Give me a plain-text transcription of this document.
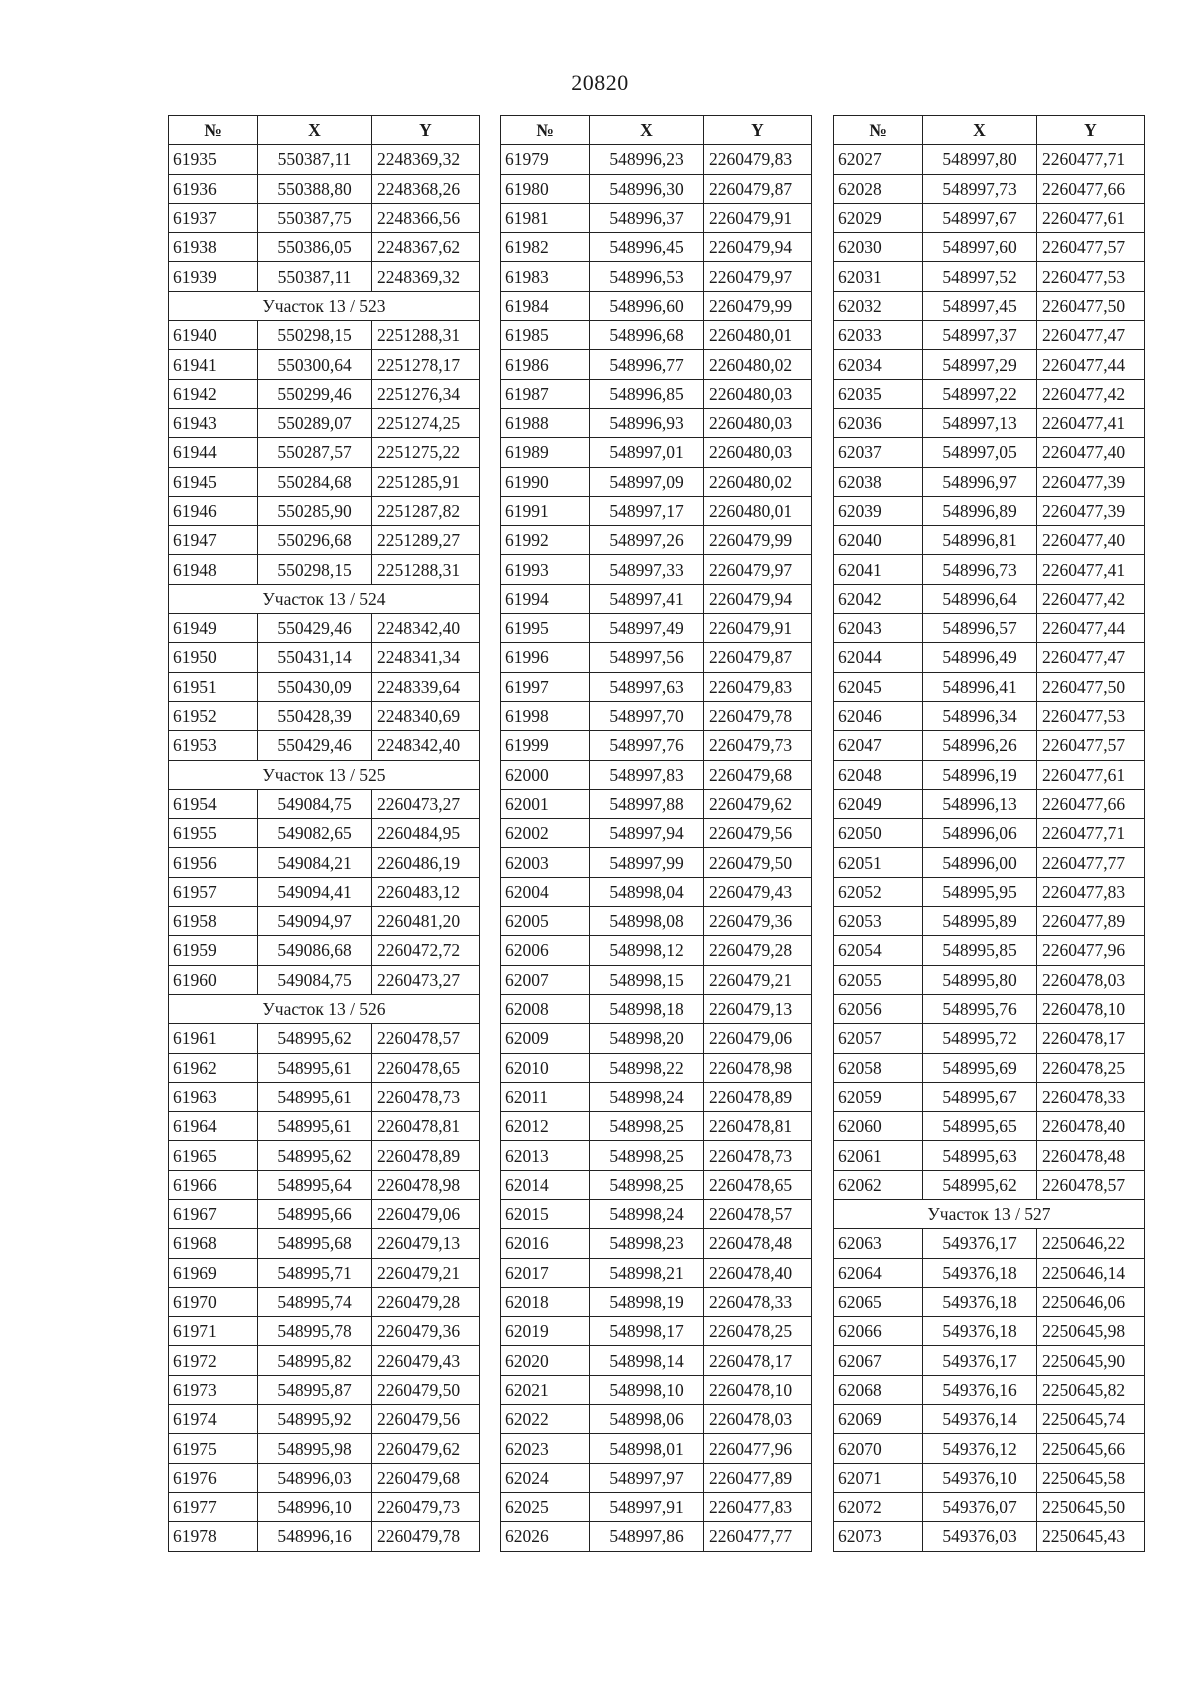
20820
№	X	Y
61935	550387,11	2248369,32
61936	550388,80	2248368,26
61937	550387,75	2248366,56
61938	550386,05	2248367,62
61939	550387,11	2248369,32
Участок 13 / 523		
61940	550298,15	2251288,31
61941	550300,64	2251278,17
61942	550299,46	2251276,34
61943	550289,07	2251274,25
61944	550287,57	2251275,22
61945	550284,68	2251285,91
61946	550285,90	2251287,82
61947	550296,68	2251289,27
61948	550298,15	2251288,31
Участок 13 / 524		
61949	550429,46	2248342,40
61950	550431,14	2248341,34
61951	550430,09	2248339,64
61952	550428,39	2248340,69
61953	550429,46	2248342,40
Участок 13 / 525		
61954	549084,75	2260473,27
61955	549082,65	2260484,95
61956	549084,21	2260486,19
61957	549094,41	2260483,12
61958	549094,97	2260481,20
61959	549086,68	2260472,72
61960	549084,75	2260473,27
Участок 13 / 526		
61961	548995,62	2260478,57
61962	548995,61	2260478,65
61963	548995,61	2260478,73
61964	548995,61	2260478,81
61965	548995,62	2260478,89
61966	548995,64	2260478,98
61967	548995,66	2260479,06
61968	548995,68	2260479,13
61969	548995,71	2260479,21
61970	548995,74	2260479,28
61971	548995,78	2260479,36
61972	548995,82	2260479,43
61973	548995,87	2260479,50
61974	548995,92	2260479,56
61975	548995,98	2260479,62
61976	548996,03	2260479,68
61977	548996,10	2260479,73
61978	548996,16	2260479,78
№	X	Y
61979	548996,23	2260479,83
61980	548996,30	2260479,87
61981	548996,37	2260479,91
61982	548996,45	2260479,94
61983	548996,53	2260479,97
61984	548996,60	2260479,99
61985	548996,68	2260480,01
61986	548996,77	2260480,02
61987	548996,85	2260480,03
61988	548996,93	2260480,03
61989	548997,01	2260480,03
61990	548997,09	2260480,02
61991	548997,17	2260480,01
61992	548997,26	2260479,99
61993	548997,33	2260479,97
61994	548997,41	2260479,94
61995	548997,49	2260479,91
61996	548997,56	2260479,87
61997	548997,63	2260479,83
61998	548997,70	2260479,78
61999	548997,76	2260479,73
62000	548997,83	2260479,68
62001	548997,88	2260479,62
62002	548997,94	2260479,56
62003	548997,99	2260479,50
62004	548998,04	2260479,43
62005	548998,08	2260479,36
62006	548998,12	2260479,28
62007	548998,15	2260479,21
62008	548998,18	2260479,13
62009	548998,20	2260479,06
62010	548998,22	2260478,98
62011	548998,24	2260478,89
62012	548998,25	2260478,81
62013	548998,25	2260478,73
62014	548998,25	2260478,65
62015	548998,24	2260478,57
62016	548998,23	2260478,48
62017	548998,21	2260478,40
62018	548998,19	2260478,33
62019	548998,17	2260478,25
62020	548998,14	2260478,17
62021	548998,10	2260478,10
62022	548998,06	2260478,03
62023	548998,01	2260477,96
62024	548997,97	2260477,89
62025	548997,91	2260477,83
62026	548997,86	2260477,77
№	X	Y
62027	548997,80	2260477,71
62028	548997,73	2260477,66
62029	548997,67	2260477,61
62030	548997,60	2260477,57
62031	548997,52	2260477,53
62032	548997,45	2260477,50
62033	548997,37	2260477,47
62034	548997,29	2260477,44
62035	548997,22	2260477,42
62036	548997,13	2260477,41
62037	548997,05	2260477,40
62038	548996,97	2260477,39
62039	548996,89	2260477,39
62040	548996,81	2260477,40
62041	548996,73	2260477,41
62042	548996,64	2260477,42
62043	548996,57	2260477,44
62044	548996,49	2260477,47
62045	548996,41	2260477,50
62046	548996,34	2260477,53
62047	548996,26	2260477,57
62048	548996,19	2260477,61
62049	548996,13	2260477,66
62050	548996,06	2260477,71
62051	548996,00	2260477,77
62052	548995,95	2260477,83
62053	548995,89	2260477,89
62054	548995,85	2260477,96
62055	548995,80	2260478,03
62056	548995,76	2260478,10
62057	548995,72	2260478,17
62058	548995,69	2260478,25
62059	548995,67	2260478,33
62060	548995,65	2260478,40
62061	548995,63	2260478,48
62062	548995,62	2260478,57
Участок 13 / 527		
62063	549376,17	2250646,22
62064	549376,18	2250646,14
62065	549376,18	2250646,06
62066	549376,18	2250645,98
62067	549376,17	2250645,90
62068	549376,16	2250645,82
62069	549376,14	2250645,74
62070	549376,12	2250645,66
62071	549376,10	2250645,58
62072	549376,07	2250645,50
62073	549376,03	2250645,43
